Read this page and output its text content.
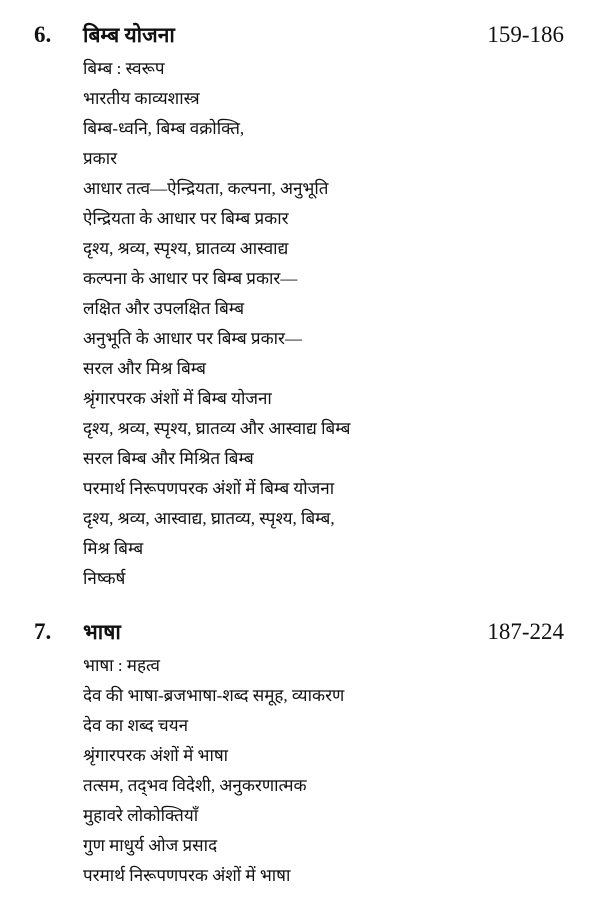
6. बिम्ब योजना	159-186
बिम्ब : स्वरूप
भारतीय काव्यशास्त्र
बिम्ब-ध्वनि, बिम्ब वक्रोक्ति,
प्रकार
आधार तत्व—ऐन्द्रियता, कल्पना, अनुभूति
ऐन्द्रियता के आधार पर बिम्ब प्रकार
दृश्य, श्रव्य, स्पृश्य, घ्रातव्य आस्वाद्य
कल्पना के आधार पर बिम्ब प्रकार—
लक्षित और उपलक्षित बिम्ब
अनुभूति के आधार पर बिम्ब प्रकार—
सरल और मिश्र बिम्ब
श्रृंगारपरक अंशों में बिम्ब योजना
दृश्य, श्रव्य, स्पृश्य, घ्रातव्य और आस्वाद्य बिम्ब
सरल बिम्ब और मिश्रित बिम्ब
परमार्थ निरूपणपरक अंशों में बिम्ब योजना
दृश्य, श्रव्य, आस्वाद्य, घ्रातव्य, स्पृश्य, बिम्ब,
मिश्र बिम्ब
निष्कर्ष
7. भाषा	187-224
भाषा : महत्व
देव की भाषा-ब्रजभाषा-शब्द समूह, व्याकरण
देव का शब्द चयन
श्रृंगारपरक अंशों में भाषा
तत्सम, तद्‌भव विदेशी, अनुकरणात्मक
मुहावरे लोकोक्तियाँ
गुण माधुर्य ओज प्रसाद
परमार्थ निरूपणपरक अंशों में भाषा
